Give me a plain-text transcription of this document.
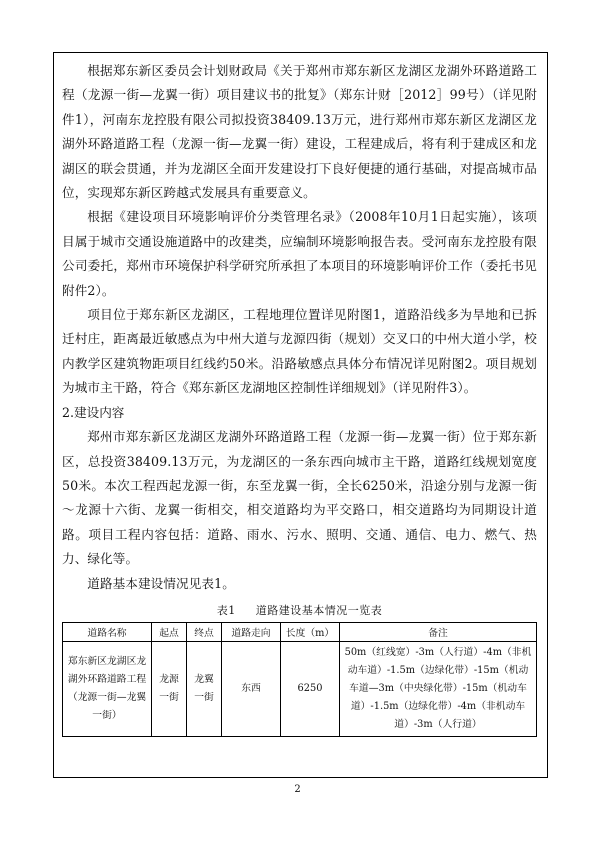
根据郑东新区委员会计划财政局《关于郑州市郑东新区龙湖区龙湖外环路道路工程（龙源一街—龙翼一街）项目建议书的批复》（郑东计财［2012］99号）（详见附件1），河南东龙控股有限公司拟投资38409.13万元，进行郑州市郑东新区龙湖区龙湖外环路道路工程（龙源一街—龙翼一街）建设，工程建成后，将有利于建成区和龙湖区的联会贯通，并为龙湖区全面开发建设打下良好便捷的通行基础，对提高城市品位，实现郑东新区跨越式发展具有重要意义。

根据《建设项目环境影响评价分类管理名录》（2008年10月1日起实施），该项目属于城市交通设施道路中的改建类，应编制环境影响报告表。受河南东龙控股有限公司委托，郑州市环境保护科学研究所承担了本项目的环境影响评价工作（委托书见附件2）。

项目位于郑东新区龙湖区，工程地理位置详见附图1，道路沿线多为旱地和已拆迁村庄，距离最近敏感点为中州大道与龙源四街（规划）交叉口的中州大道小学，校内教学区建筑物距项目红线约50米。沿路敏感点具体分布情况详见附图2。项目规划为城市主干路，符合《郑东新区龙湖地区控制性详细规划》（详见附件3）。

2.建设内容

郑州市郑东新区龙湖区龙湖外环路道路工程（龙源一街—龙翼一街）位于郑东新区，总投资38409.13万元，为龙湖区的一条东西向城市主干路，道路红线规划宽度50米。本次工程西起龙源一街，东至龙翼一街，全长6250米，沿途分别与龙源一街～龙源十六街、龙翼一街相交，相交道路均为平交路口，相交道路均为同期设计道路。项目工程内容包括：道路、雨水、污水、照明、交通、通信、电力、燃气、热力、绿化等。

道路基本建设情况见表1。

表1 道路建设基本情况一览表
道路名称	起点	终点	道路走向	长度（m）	备注
郑东新区龙湖区龙湖外环路道路工程（龙源一街—龙翼一街）	龙源一街	龙翼一街	东西	6250	50m（红线宽）-3m（人行道）-4m（非机动车道）-1.5m（边绿化带）-15m（机动车道—3m（中央绿化带）-15m（机动车道）-1.5m（边绿化带）-4m（非机动车道）-3m（人行道）
2
